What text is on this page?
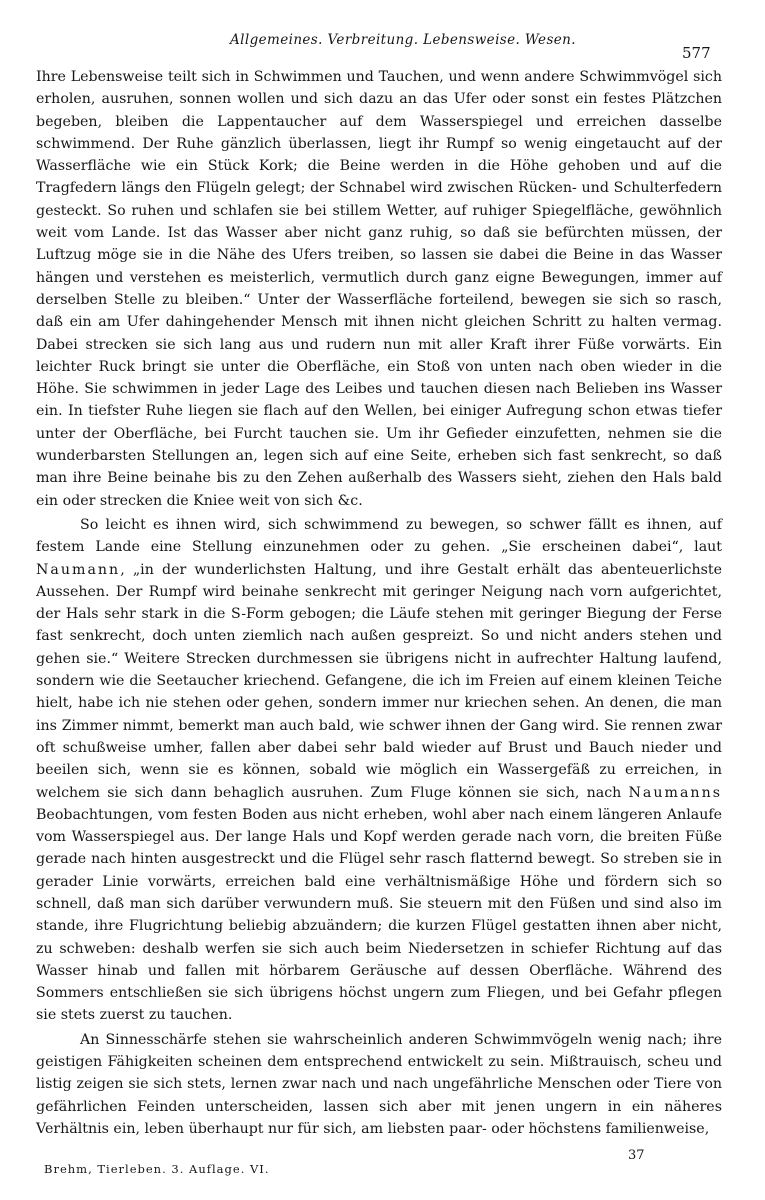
Allgemeines. Verbreitung. Lebensweise. Wesen.
577

Ihre Lebensweise teilt sich in Schwimmen und Tauchen, und wenn andere Schwimmvögel sich erholen, ausruhen, sonnen wollen und sich dazu an das Ufer oder sonst ein festes Plätzchen begeben, bleiben die Lappentaucher auf dem Wasserspiegel und erreichen dasselbe schwimmend. Der Ruhe gänzlich überlassen, liegt ihr Rumpf so wenig eingetaucht auf der Wasserfläche wie ein Stück Kork; die Beine werden in die Höhe gehoben und auf die Tragfedern längs den Flügeln gelegt; der Schnabel wird zwischen Rücken- und Schulterfedern gesteckt. So ruhen und schlafen sie bei stillem Wetter, auf ruhiger Spiegelfläche, gewöhnlich weit vom Lande. Ist das Wasser aber nicht ganz ruhig, so daß sie befürchten müssen, der Luftzug möge sie in die Nähe des Ufers treiben, so lassen sie dabei die Beine in das Wasser hängen und verstehen es meisterlich, vermutlich durch ganz eigne Bewegungen, immer auf derselben Stelle zu bleiben.“ Unter der Wasserfläche forteilend, bewegen sie sich so rasch, daß ein am Ufer dahingehender Mensch mit ihnen nicht gleichen Schritt zu halten vermag. Dabei strecken sie sich lang aus und rudern nun mit aller Kraft ihrer Füße vorwärts. Ein leichter Ruck bringt sie unter die Oberfläche, ein Stoß von unten nach oben wieder in die Höhe. Sie schwimmen in jeder Lage des Leibes und tauchen diesen nach Belieben ins Wasser ein. In tiefster Ruhe liegen sie flach auf den Wellen, bei einiger Aufregung schon etwas tiefer unter der Oberfläche, bei Furcht tauchen sie. Um ihr Gefieder einzufetten, nehmen sie die wunderbarsten Stellungen an, legen sich auf eine Seite, erheben sich fast senkrecht, so daß man ihre Beine beinahe bis zu den Zehen außerhalb des Wassers sieht, ziehen den Hals bald ein oder strecken die Kniee weit von sich &c.

So leicht es ihnen wird, sich schwimmend zu bewegen, so schwer fällt es ihnen, auf festem Lande eine Stellung einzunehmen oder zu gehen. „Sie erscheinen dabei“, laut Naumann, „in der wunderlichsten Haltung, und ihre Gestalt erhält das abenteuerlichste Aussehen. Der Rumpf wird beinahe senkrecht mit geringer Neigung nach vorn aufgerichtet, der Hals sehr stark in die S-Form gebogen; die Läufe stehen mit geringer Biegung der Ferse fast senkrecht, doch unten ziemlich nach außen gespreizt. So und nicht anders stehen und gehen sie.“ Weitere Strecken durchmessen sie übrigens nicht in aufrechter Haltung laufend, sondern wie die Seetaucher kriechend. Gefangene, die ich im Freien auf einem kleinen Teiche hielt, habe ich nie stehen oder gehen, sondern immer nur kriechen sehen. An denen, die man ins Zimmer nimmt, bemerkt man auch bald, wie schwer ihnen der Gang wird. Sie rennen zwar oft schußweise umher, fallen aber dabei sehr bald wieder auf Brust und Bauch nieder und beeilen sich, wenn sie es können, sobald wie möglich ein Wassergefäß zu erreichen, in welchem sie sich dann behaglich ausruhen. Zum Fluge können sie sich, nach Naumanns Beobachtungen, vom festen Boden aus nicht erheben, wohl aber nach einem längeren Anlaufe vom Wasserspiegel aus. Der lange Hals und Kopf werden gerade nach vorn, die breiten Füße gerade nach hinten ausgestreckt und die Flügel sehr rasch flatternd bewegt. So streben sie in gerader Linie vorwärts, erreichen bald eine verhältnismäßige Höhe und fördern sich so schnell, daß man sich darüber verwundern muß. Sie steuern mit den Füßen und sind also im stande, ihre Flugrichtung beliebig abzuändern; die kurzen Flügel gestatten ihnen aber nicht, zu schweben: deshalb werfen sie sich auch beim Niedersetzen in schiefer Richtung auf das Wasser hinab und fallen mit hörbarem Geräusche auf dessen Oberfläche. Während des Sommers entschließen sie sich übrigens höchst ungern zum Fliegen, und bei Gefahr pflegen sie stets zuerst zu tauchen.

An Sinnesschärfe stehen sie wahrscheinlich anderen Schwimmvögeln wenig nach; ihre geistigen Fähigkeiten scheinen dem entsprechend entwickelt zu sein. Mißtrauisch, scheu und listig zeigen sie sich stets, lernen zwar nach und nach ungefährliche Menschen oder Tiere von gefährlichen Feinden unterscheiden, lassen sich aber mit jenen ungern in ein näheres Verhältnis ein, leben überhaupt nur für sich, am liebsten paar- oder höchstens familienweise,

Brehm, Tierleben. 3. Auflage. VI.
37
